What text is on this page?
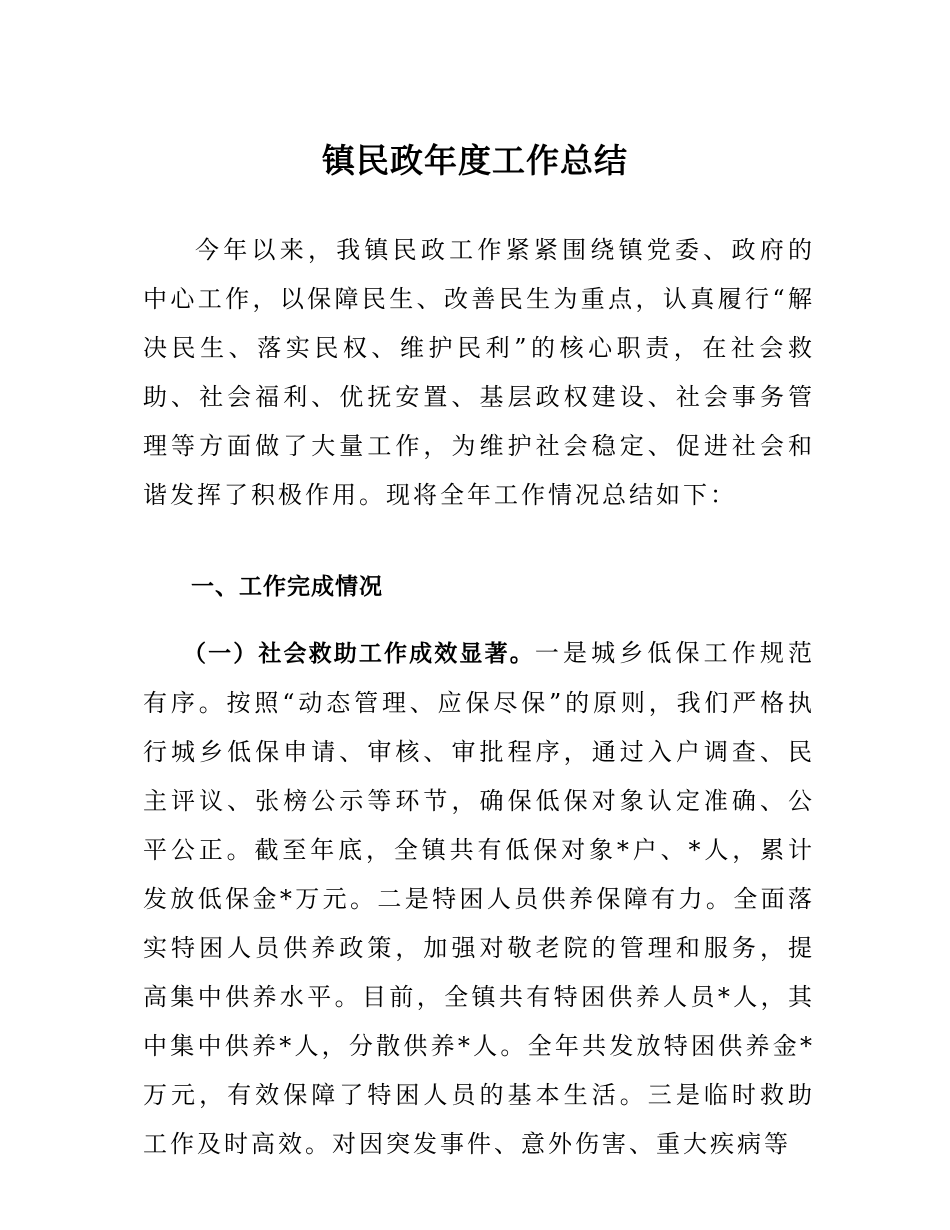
镇民政年度工作总结

今年以来，我镇民政工作紧紧围绕镇党委、政府的中心工作，以保障民生、改善民生为重点，认真履行“解决民生、落实民权、维护民利”的核心职责，在社会救助、社会福利、优抚安置、基层政权建设、社会事务管理等方面做了大量工作，为维护社会稳定、促进社会和谐发挥了积极作用。现将全年工作情况总结如下：

一、工作完成情况

（一）社会救助工作成效显著。一是城乡低保工作规范有序。按照“动态管理、应保尽保”的原则，我们严格执行城乡低保申请、审核、审批程序，通过入户调查、民主评议、张榜公示等环节，确保低保对象认定准确、公平公正。截至年底，全镇共有低保对象*户、*人，累计发放低保金*万元。二是特困人员供养保障有力。全面落实特困人员供养政策，加强对敬老院的管理和服务，提高集中供养水平。目前，全镇共有特困供养人员*人，其中集中供养*人，分散供养*人。全年共发放特困供养金*万元，有效保障了特困人员的基本生活。三是临时救助工作及时高效。对因突发事件、意外伤害、重大疾病等
